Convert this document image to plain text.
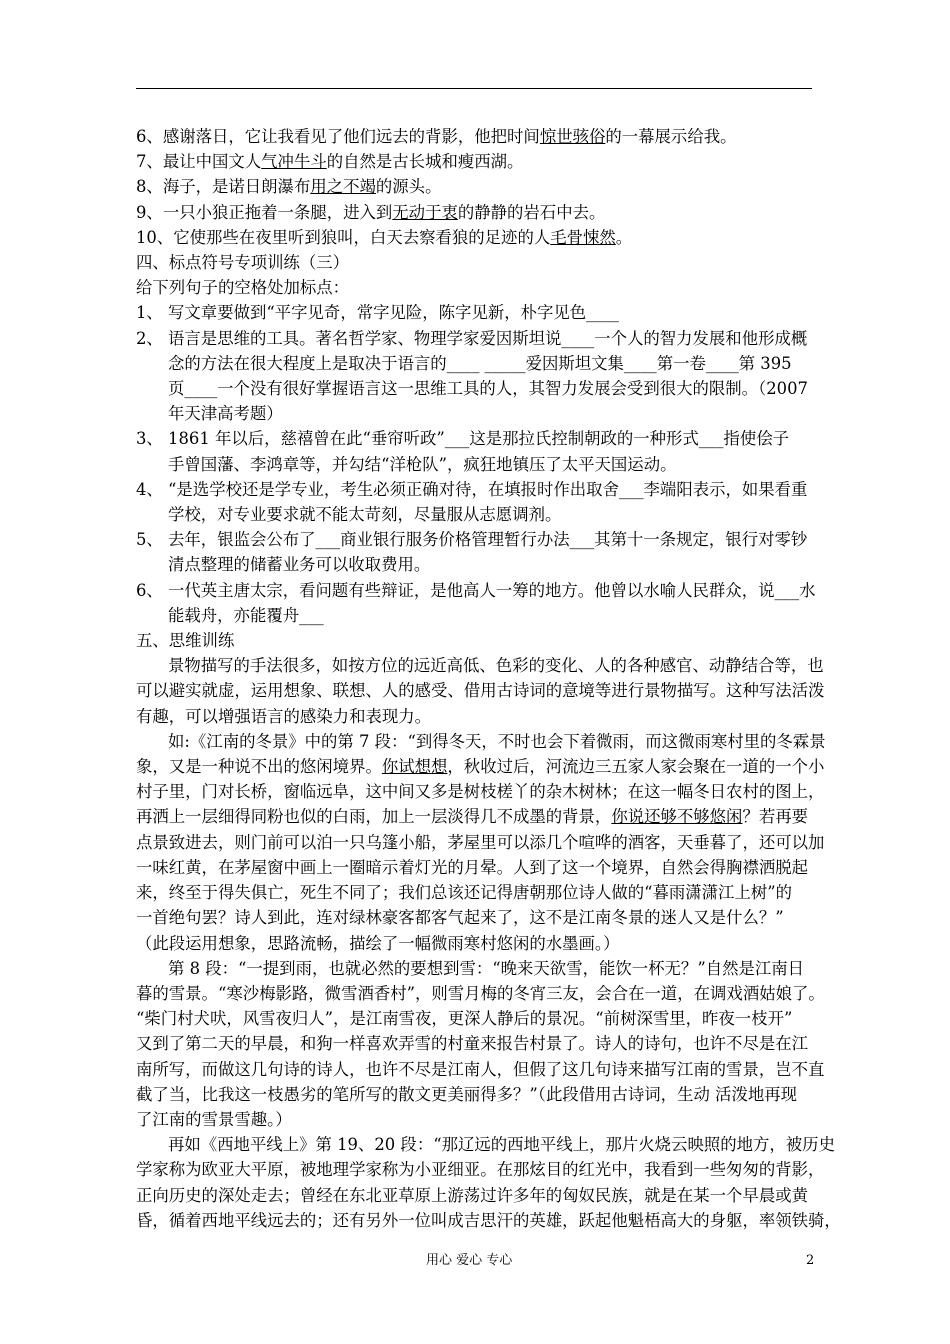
6、感谢落日，它让我看见了他们远去的背影，他把时间惊世骇俗的一幕展示给我。
7、最让中国文人气冲牛斗的自然是古长城和瘦西湖。
8、海子，是诺日朗瀑布用之不竭的源头。
9、一只小狼正拖着一条腿，进入到无动于衷的静静的岩石中去。
10、它使那些在夜里听到狼叫，白天去察看狼的足迹的人毛骨悚然。
四、标点符号专项训练（三）
给下列句子的空格处加标点：
1、 写文章要做到“平字见奇，常字见险，陈字见新，朴字见色____
2、 语言是思维的工具。著名哲学家、物理学家爱因斯坦说____一个人的智力发展和他形成概
念的方法在很大程度上是取决于语言的____ _____爱因斯坦文集____第一卷____第 395
页____一个没有很好掌握语言这一思维工具的人，其智力发展会受到很大的限制。（2007
年天津高考题）
3、 1861 年以后，慈禧曾在此“垂帘听政”___这是那拉氏控制朝政的一种形式___指使侩子
手曾国藩、李鸿章等，并勾结“洋枪队”，疯狂地镇压了太平天国运动。
4、 “是选学校还是学专业，考生必须正确对待，在填报时作出取舍___李端阳表示，如果看重
学校，对专业要求就不能太苛刻，尽量服从志愿调剂。
5、 去年，银监会公布了___商业银行服务价格管理暂行办法___其第十一条规定，银行对零钞
清点整理的储蓄业务可以收取费用。
6、 一代英主唐太宗，看问题有些辩证，是他高人一筹的地方。他曾以水喻人民群众，说___水
能载舟，亦能覆舟___
五、思维训练
景物描写的手法很多，如按方位的远近高低、色彩的变化、人的各种感官、动静结合等，也
可以避实就虚，运用想象、联想、人的感受、借用古诗词的意境等进行景物描写。这种写法活泼
有趣，可以增强语言的感染力和表现力。
如:《江南的冬景》中的第 7 段：“到得冬天，不时也会下着微雨，而这微雨寒村里的冬霖景
象，又是一种说不出的悠闲境界。你试想想，秋收过后，河流边三五家人家会聚在一道的一个小
村子里，门对长桥，窗临远阜，这中间又多是树枝槎丫的杂木树林；在这一幅冬日农村的图上，
再洒上一层细得同粉也似的白雨，加上一层淡得几不成墨的背景，你说还够不够悠闲？若再要
点景致进去，则门前可以泊一只乌篷小船，茅屋里可以添几个喧哗的酒客，天垂暮了，还可以加
一味红黄，在茅屋窗中画上一圈暗示着灯光的月晕。人到了这一个境界，自然会得胸襟洒脱起
来，终至于得失俱亡，死生不同了；我们总该还记得唐朝那位诗人做的“暮雨潇潇江上树”的
一首绝句罢？诗人到此，连对绿林豪客都客气起来了，这不是江南冬景的迷人又是什么？”
（此段运用想象，思路流畅，描绘了一幅微雨寒村悠闲的水墨画。）
第 8 段：“一提到雨，也就必然的要想到雪：“晚来天欲雪，能饮一杯无？”自然是江南日
暮的雪景。“寒沙梅影路，微雪酒香村”，则雪月梅的冬宵三友，会合在一道，在调戏酒姑娘了。
“柴门村犬吠，风雪夜归人”，是江南雪夜，更深人静后的景况。“前树深雪里，昨夜一枝开”
又到了第二天的早晨，和狗一样喜欢弄雪的村童来报告村景了。诗人的诗句，也许不尽是在江
南所写，而做这几句诗的诗人，也许不尽是江南人，但假了这几句诗来描写江南的雪景，岂不直
截了当，比我这一枝愚劣的笔所写的散文更美丽得多？”（此段借用古诗词，生动 活泼地再现
了江南的雪景雪趣。）
再如《西地平线上》第 19、20 段：“那辽远的西地平线上，那片火烧云映照的地方，被历史
学家称为欧亚大平原，被地理学家称为小亚细亚。在那炫目的红光中，我看到一些匆匆的背影，
正向历史的深处走去；曾经在东北亚草原上游荡过许多年的匈奴民族，就是在某一个早晨或黄
昏，循着西地平线远去的；还有另外一位叫成吉思汗的英雄，跃起他魁梧高大的身躯，率领铁骑，
用心 爱心 专心	2
